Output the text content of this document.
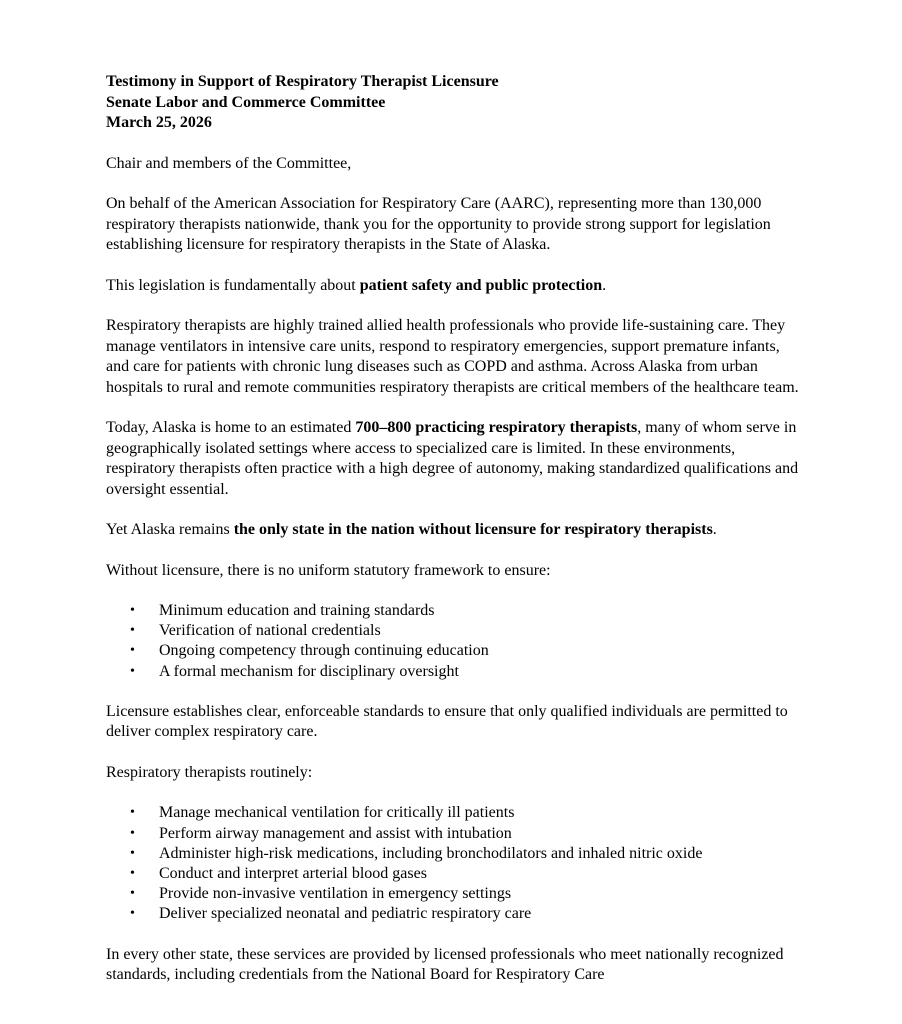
Testimony in Support of Respiratory Therapist Licensure
Senate Labor and Commerce Committee
March 25, 2026

Chair and members of the Committee,

On behalf of the American Association for Respiratory Care (AARC), representing more than 130,000 respiratory therapists nationwide, thank you for the opportunity to provide strong support for legislation establishing licensure for respiratory therapists in the State of Alaska.

This legislation is fundamentally about patient safety and public protection.

Respiratory therapists are highly trained allied health professionals who provide life-sustaining care. They manage ventilators in intensive care units, respond to respiratory emergencies, support premature infants, and care for patients with chronic lung diseases such as COPD and asthma. Across Alaska from urban hospitals to rural and remote communities respiratory therapists are critical members of the healthcare team.

Today, Alaska is home to an estimated 700–800 practicing respiratory therapists, many of whom serve in geographically isolated settings where access to specialized care is limited. In these environments, respiratory therapists often practice with a high degree of autonomy, making standardized qualifications and oversight essential.

Yet Alaska remains the only state in the nation without licensure for respiratory therapists.

Without licensure, there is no uniform statutory framework to ensure:

• Minimum education and training standards
• Verification of national credentials
• Ongoing competency through continuing education
• A formal mechanism for disciplinary oversight

Licensure establishes clear, enforceable standards to ensure that only qualified individuals are permitted to deliver complex respiratory care.

Respiratory therapists routinely:

• Manage mechanical ventilation for critically ill patients
• Perform airway management and assist with intubation
• Administer high-risk medications, including bronchodilators and inhaled nitric oxide
• Conduct and interpret arterial blood gases
• Provide non-invasive ventilation in emergency settings
• Deliver specialized neonatal and pediatric respiratory care

In every other state, these services are provided by licensed professionals who meet nationally recognized standards, including credentials from the National Board for Respiratory Care
